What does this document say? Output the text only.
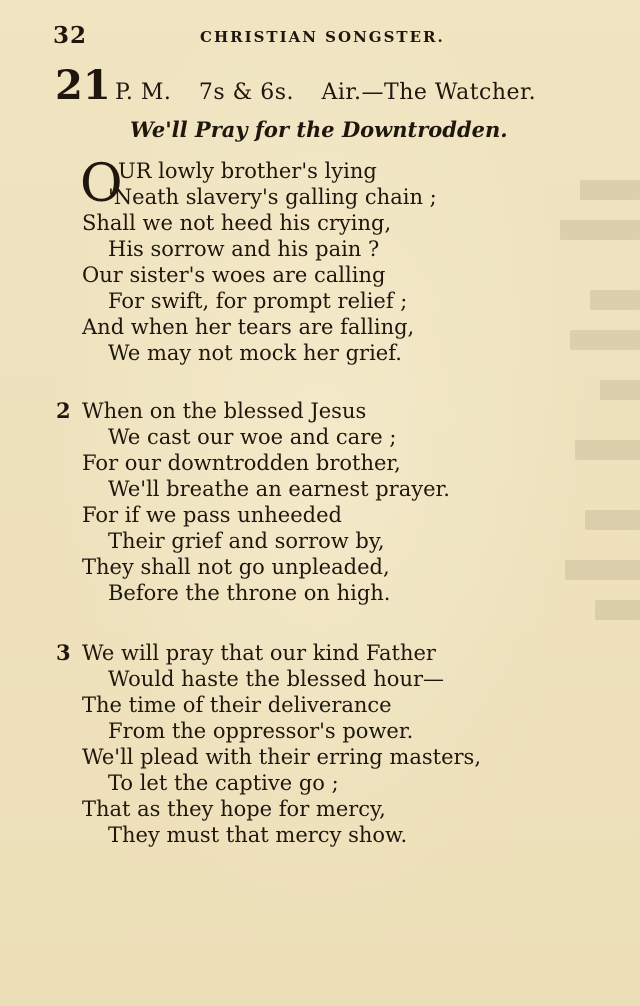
32	CHRISTIAN SONGSTER.
21 P. M. 7s & 6s. Air.—The Watcher.
We'll Pray for the Downtrodden.
O
UR lowly brother's lying
'Neath slavery's galling chain ;
Shall we not heed his crying,
His sorrow and his pain ?
Our sister's woes are calling
For swift, for prompt relief ;
And when her tears are falling,
We may not mock her grief.
2 When on the blessed Jesus
We cast our woe and care ;
For our downtrodden brother,
We'll breathe an earnest prayer.
For if we pass unheeded
Their grief and sorrow by,
They shall not go unpleaded,
Before the throne on high.
3 We will pray that our kind Father
Would haste the blessed hour—
The time of their deliverance
From the oppressor's power.
We'll plead with their erring masters,
To let the captive go ;
That as they hope for mercy,
They must that mercy show.
